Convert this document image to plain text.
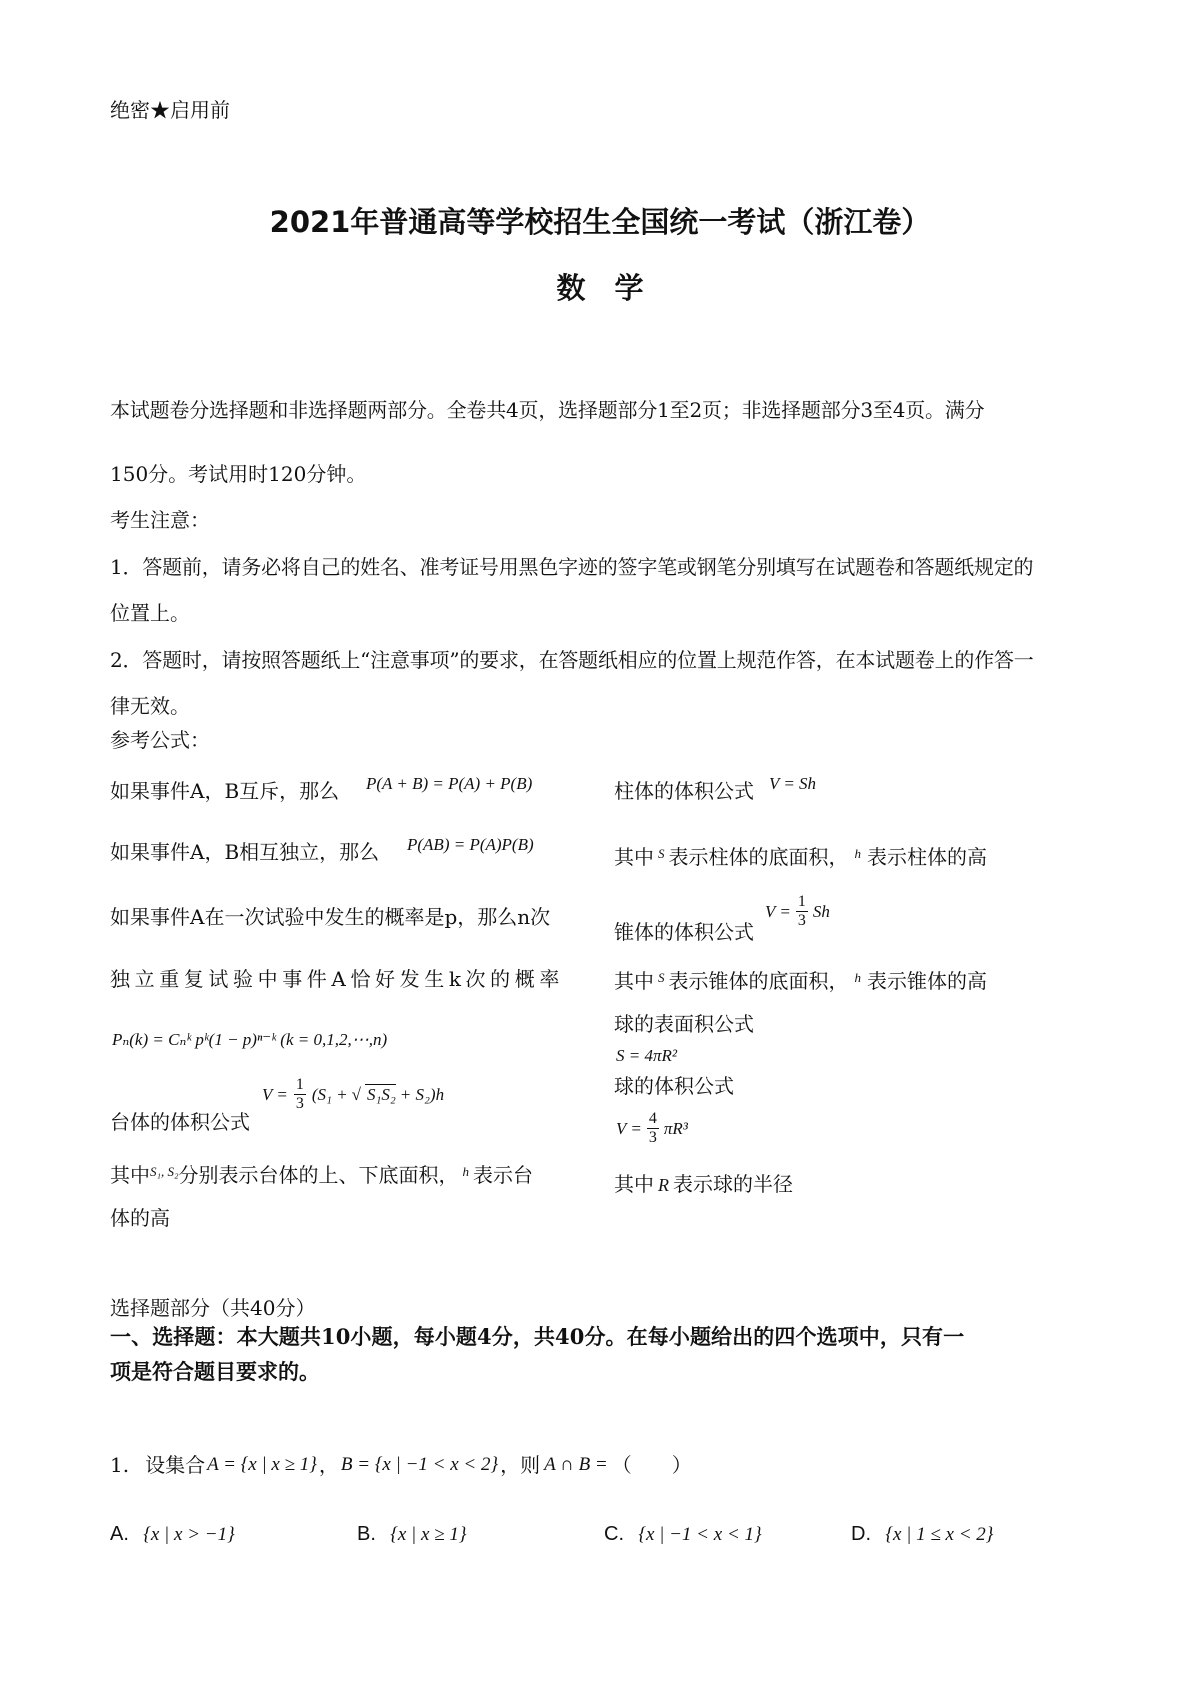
绝密★启用前
2021年普通高等学校招生全国统一考试（浙江卷）
数　学
本试题卷分选择题和非选择题两部分。全卷共4页，选择题部分1至2页；非选择题部分3至4页。满分
150分。考试用时120分钟。
考生注意：
1．答题前，请务必将自己的姓名、准考证号用黑色字迹的签字笔或钢笔分别填写在试题卷和答题纸规定的
位置上。
2．答题时，请按照答题纸上“注意事项”的要求，在答题纸相应的位置上规范作答，在本试题卷上的作答一
律无效。
参考公式：
如果事件A，B互斥，那么 P(A + B) = P(A) + P(B)
如果事件A，B相互独立，那么 P(AB) = P(A)P(B)
如果事件A在一次试验中发生的概率是p，那么n次
独立重复试验中事件A恰好发生k次的概率
Pₙ(k) = Cₙᵏ pᵏ(1 − p)ⁿ⁻ᵏ (k = 0,1,2,⋯,n)
台体的体积公式
$V = \frac{1}{3} (S_1$ + √ S₁S₂ + S₂)h
其中$^{S_1, S_2}$分别表示台体的上、下底面积， $^h$ 表示台
体的高
柱体的体积公式 V = Sh
其中 $^S$ 表示柱体的底面积， $^h$ 表示柱体的高
锥体的体积公式
$V = \frac{1}{3}$ Sh
其中 $^S$ 表示锥体的底面积， $^h$ 表示锥体的高
球的表面积公式
S = 4πR²
球的体积公式
$V = \frac{4}{3} \pi R^3$
其中 R 表示球的半径
选择题部分（共40分）
一、选择题：本大题共10小题，每小题4分，共40分。在每小题给出的四个选项中，只有一
项是符合题目要求的。
1. 设集合 A = {x | x ≥ 1} ， B = {x | −1 < x < 2} ，则 A ∩ B = （　　）
A. {x | x > −1}	B. {x | x ≥ 1}	C. {x | −1 < x < 1}	D. {x | 1 ≤ x < 2}
